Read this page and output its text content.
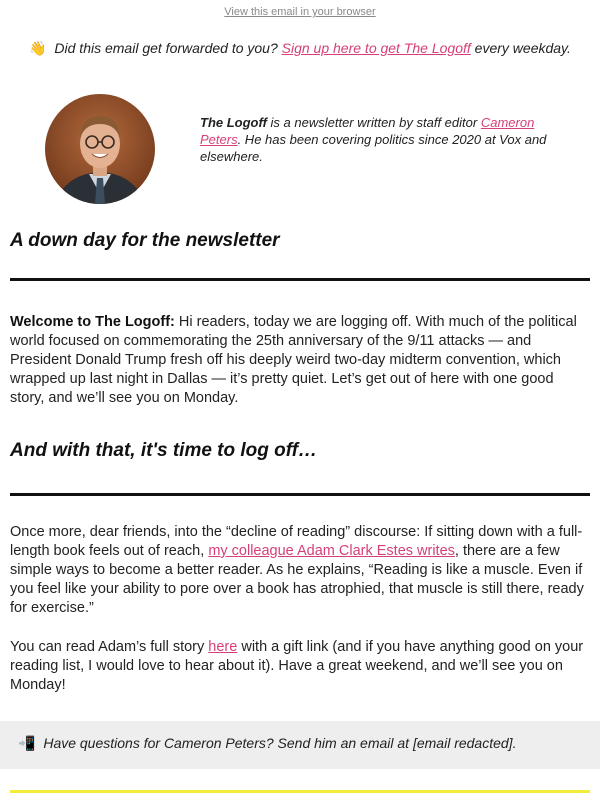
View this email in your browser
👋 Did this email get forwarded to you? Sign up here to get The Logoff every weekday.
The Logoff is a newsletter written by staff editor Cameron Peters. He has been covering politics since 2020 at Vox and elsewhere.
A down day for the newsletter
Welcome to The Logoff: Hi readers, today we are logging off. With much of the political world focused on commemorating the 25th anniversary of the 9/11 attacks — and President Donald Trump fresh off his deeply weird two-day midterm convention, which wrapped up last night in Dallas — it’s pretty quiet. Let’s get out of here with one good story, and we’ll see you on Monday.
And with that, it's time to log off…
Once more, dear friends, into the “decline of reading” discourse: If sitting down with a full-length book feels out of reach, my colleague Adam Clark Estes writes, there are a few simple ways to become a better reader. As he explains, “Reading is like a muscle. Even if you feel like your ability to pore over a book has atrophied, that muscle is still there, ready for exercise.”
You can read Adam’s full story here with a gift link (and if you have anything good on your reading list, I would love to hear about it). Have a great weekend, and we’ll see you on Monday!
📲 Have questions for Cameron Peters? Send him an email at [email redacted].
